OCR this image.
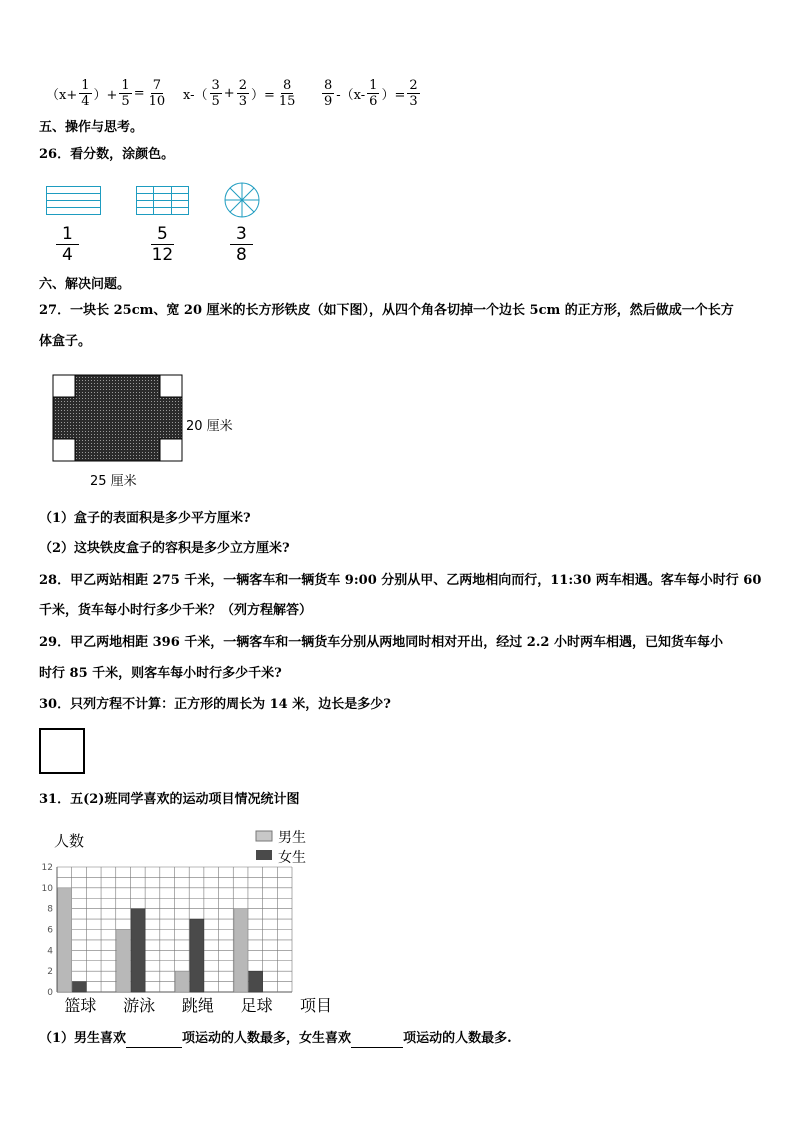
（$x+ \frac{1}{4}$ ）+ $\frac{1}{5} = \frac{7}{10} x-( \frac{3}{5} + \frac{2}{3}$ ）= $\frac{8}{15} \frac{8}{9} -(x- \frac{1}{6}$ ）= $\frac{2}{3}$
五、操作与思考。
26．看分数，涂颜色。
$\frac{1}{4}$	$\frac{5}{12}$	$\frac{3}{8}$
六、解决问题。
27．一块长 25cm、宽 20 厘米的长方形铁皮（如下图），从四个角各切掉一个边长 5cm 的正方形，然后做成一个长方
体盒子。
20 厘米
25 厘米
（1）盒子的表面积是多少平方厘米?
（2）这块铁皮盒子的容积是多少立方厘米?
28．甲乙两站相距 275 千米，一辆客车和一辆货车 9:00 分别从甲、乙两地相向而行，11:30 两车相遇。客车每小时行 60
千米，货车每小时行多少千米？（列方程解答）
29．甲乙两地相距 396 千米，一辆客车和一辆货车分别从两地同时相对开出，经过 2.2 小时两车相遇，已知货车每小
时行 85 千米，则客车每小时行多少千米?
30．只列方程不计算：正方形的周长为 14 米，边长是多少?
31．五(2)班同学喜欢的运动项目情况统计图
人数
0
2
4
6
8
10
12
篮球 游泳 跳绳 足球 项目
男生
女生
（1）男生喜欢	项运动的人数最多，女生喜欢	项运动的人数最多.
